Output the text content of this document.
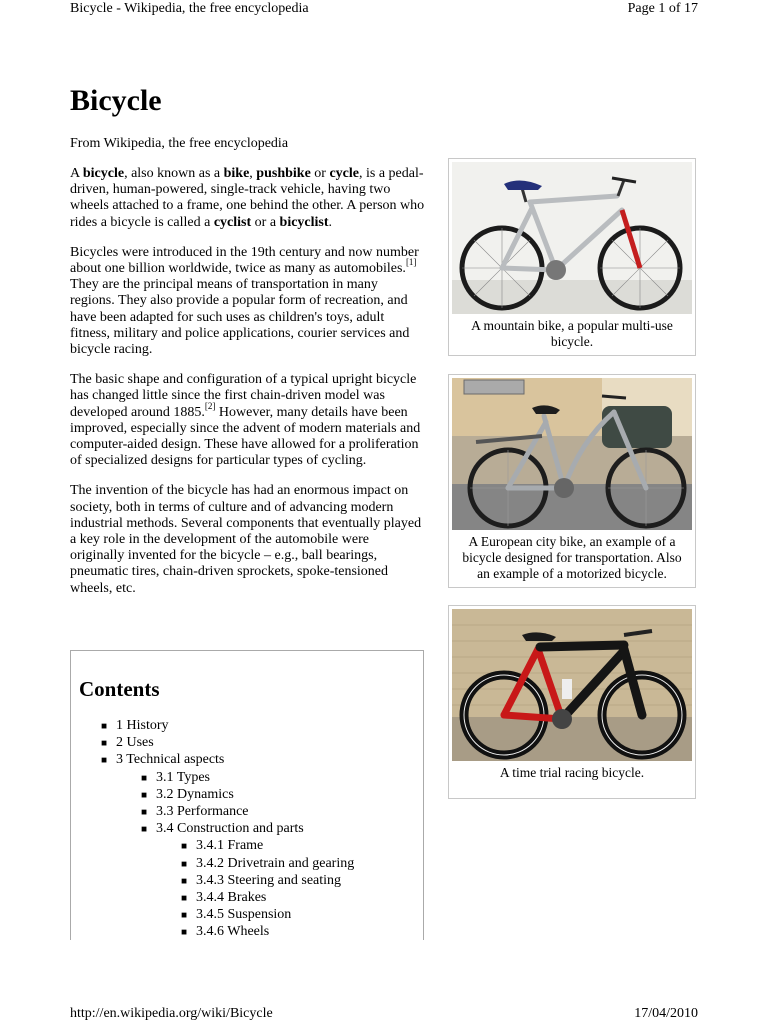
Bicycle - Wikipedia, the free encyclopedia	Page 1 of 17
Bicycle
From Wikipedia, the free encyclopedia

A bicycle, also known as a bike, pushbike or cycle, is a pedal-driven, human-powered, single-track vehicle, having two wheels attached to a frame, one behind the other. A person who rides a bicycle is called a cyclist or a bicyclist.

Bicycles were introduced in the 19th century and now number about one billion worldwide, twice as many as automobiles.[1] They are the principal means of transportation in many regions. They also provide a popular form of recreation, and have been adapted for such uses as children's toys, adult fitness, military and police applications, courier services and bicycle racing.

The basic shape and configuration of a typical upright bicycle has changed little since the first chain-driven model was developed around 1885.[2] However, many details have been improved, especially since the advent of modern materials and computer-aided design. These have allowed for a proliferation of specialized designs for particular types of cycling.

The invention of the bicycle has had an enormous impact on society, both in terms of culture and of advancing modern industrial methods. Several components that eventually played a key role in the development of the automobile were originally invented for the bicycle – e.g., ball bearings, pneumatic tires, chain-driven sprockets, spoke-tensioned wheels, etc.

A mountain bike, a popular multi-use bicycle.
A European city bike, an example of a bicycle designed for transportation. Also an example of a motorized bicycle.
A time trial racing bicycle.
Contents
■ 1 History
■ 2 Uses
■ 3 Technical aspects
■ 3.1 Types
■ 3.2 Dynamics
■ 3.3 Performance
■ 3.4 Construction and parts
■ 3.4.1 Frame
■ 3.4.2 Drivetrain and gearing
■ 3.4.3 Steering and seating
■ 3.4.4 Brakes
■ 3.4.5 Suspension
■ 3.4.6 Wheels
http://en.wikipedia.org/wiki/Bicycle	17/04/2010
